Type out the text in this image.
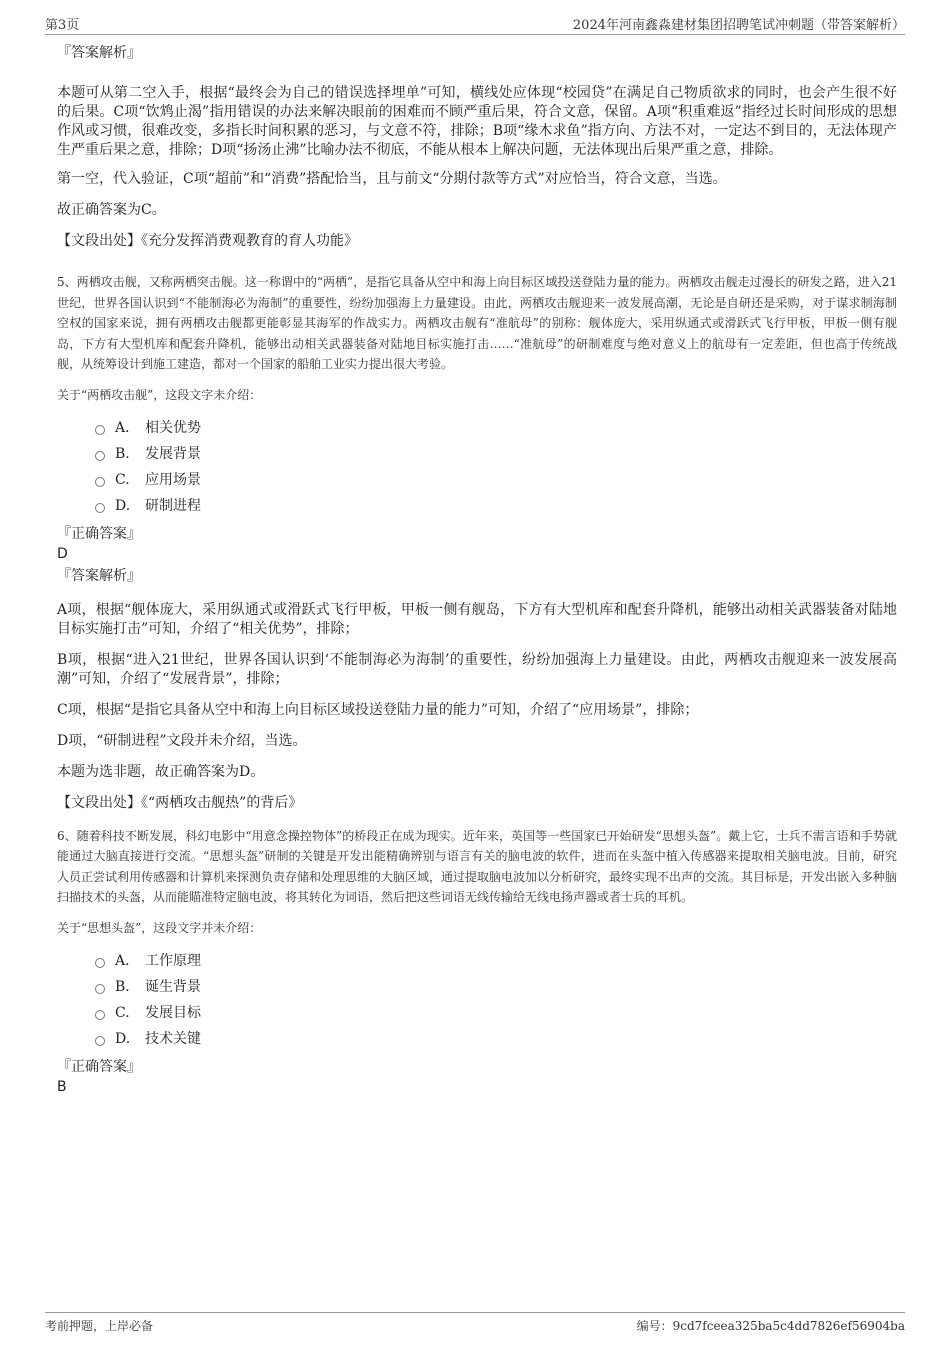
第3页	2024年河南鑫淼建材集团招聘笔试冲刺题（带答案解析）
『答案解析』
本题可从第二空入手，根据“最终会为自己的错误选择埋单”可知，横线处应体现“校园贷”在满足自己物质欲求的同时，也会产生很不好的后果。C项“饮鸩止渴”指用错误的办法来解决眼前的困难而不顾严重后果，符合文意，保留。A项“积重难返”指经过长时间形成的思想作风或习惯，很难改变，多指长时间积累的恶习，与文意不符，排除；B项“缘木求鱼”指方向、方法不对，一定达不到目的，无法体现产生严重后果之意，排除；D项“扬汤止沸”比喻办法不彻底，不能从根本上解决问题，无法体现出后果严重之意，排除。
第一空，代入验证，C项“超前”和“消费”搭配恰当，且与前文“分期付款等方式”对应恰当，符合文意，当选。
故正确答案为C。
【文段出处】《充分发挥消费观教育的育人功能》
5、两栖攻击舰，又称两栖突击舰。这一称谓中的“两栖”，是指它具备从空中和海上向目标区域投送登陆力量的能力。两栖攻击舰走过漫长的研发之路，进入21世纪，世界各国认识到“不能制海必为海制”的重要性，纷纷加强海上力量建设。由此，两栖攻击舰迎来一波发展高潮，无论是自研还是采购，对于谋求制海制空权的国家来说，拥有两栖攻击舰都更能彰显其海军的作战实力。两栖攻击舰有“准航母”的别称：舰体庞大，采用纵通式或滑跃式飞行甲板，甲板一侧有舰岛，下方有大型机库和配套升降机，能够出动相关武器装备对陆地目标实施打击……“准航母”的研制难度与绝对意义上的航母有一定差距，但也高于传统战舰，从统筹设计到施工建造，都对一个国家的船舶工业实力提出很大考验。
关于“两栖攻击舰”，这段文字未介绍：
A． 相关优势
B.	发展背景
C.	应用场景
D.	研制进程
『正确答案』
D
『答案解析』
A项，根据“舰体庞大，采用纵通式或滑跃式飞行甲板，甲板一侧有舰岛，下方有大型机库和配套升降机，能够出动相关武器装备对陆地目标实施打击”可知，介绍了“相关优势”，排除；
B项，根据“进入21世纪，世界各国认识到‘不能制海必为海制’的重要性，纷纷加强海上力量建设。由此，两栖攻击舰迎来一波发展高潮”可知，介绍了“发展背景”，排除；
C项，根据“是指它具备从空中和海上向目标区域投送登陆力量的能力”可知，介绍了“应用场景”，排除；
D项，“研制进程”文段并未介绍，当选。
本题为选非题，故正确答案为D。
【文段出处】《“两栖攻击舰热”的背后》
6、随着科技不断发展，科幻电影中“用意念操控物体”的桥段正在成为现实。近年来，英国等一些国家已开始研发“思想头盔”。戴上它，士兵不需言语和手势就能通过大脑直接进行交流。“思想头盔”研制的关键是开发出能精确辨别与语言有关的脑电波的软件，进而在头盔中植入传感器来提取相关脑电波。目前，研究人员正尝试利用传感器和计算机来探测负责存储和处理思维的大脑区域，通过提取脑电波加以分析研究，最终实现不出声的交流。其目标是，开发出嵌入多种脑扫描技术的头盔，从而能瞄准特定脑电波，将其转化为词语，然后把这些词语无线传输给无线电扬声器或者士兵的耳机。
关于“思想头盔”，这段文字并未介绍：
A． 工作原理
B.	诞生背景
C.	发展目标
D.	技术关键
『正确答案』
B
考前押题，上岸必备	编号：9cd7fceea325ba5c4dd7826ef56904ba
